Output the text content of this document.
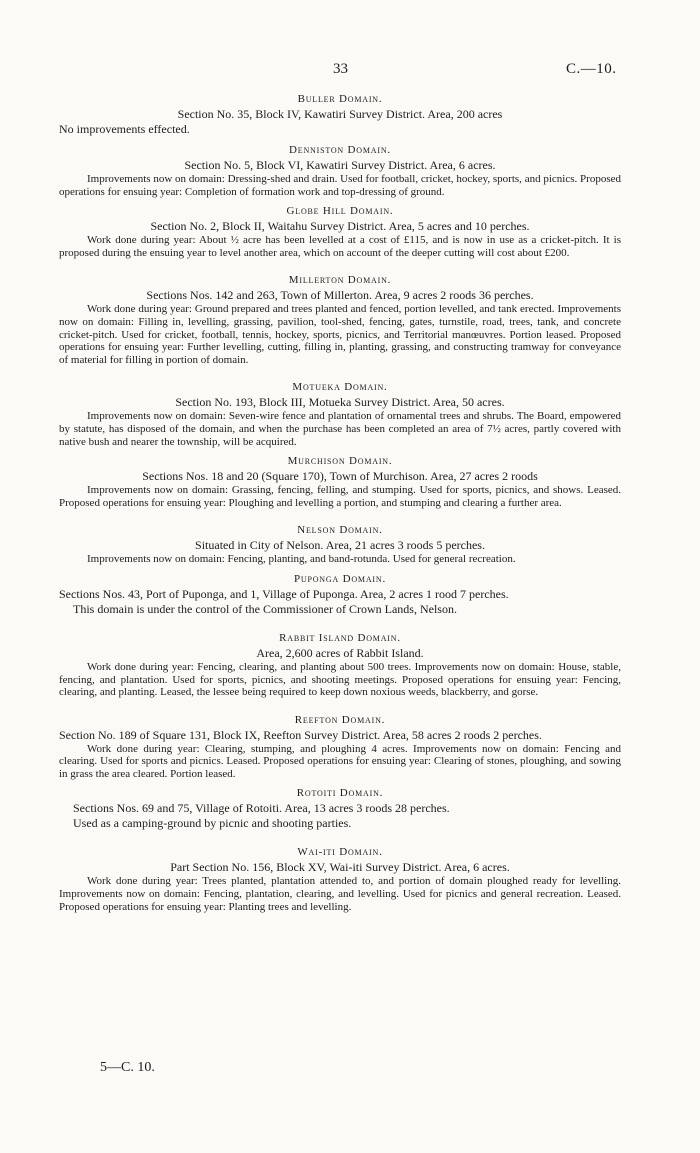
33	C.—10.
Buller Domain.
Section No. 35, Block IV, Kawatiri Survey District. Area, 200 acres
No improvements effected.
Denniston Domain.
Section No. 5, Block VI, Kawatiri Survey District. Area, 6 acres.

Improvements now on domain: Dressing-shed and drain. Used for football, cricket, hockey, sports, and picnics. Proposed operations for ensuing year: Completion of formation work and top-dressing of ground.

Globe Hill Domain.
Section No. 2, Block II, Waitahu Survey District. Area, 5 acres and 10 perches.

Work done during year: About ½ acre has been levelled at a cost of £115, and is now in use as a cricket-pitch. It is proposed during the ensuing year to level another area, which on account of the deeper cutting will cost about £200.

Millerton Domain.
Sections Nos. 142 and 263, Town of Millerton. Area, 9 acres 2 roods 36 perches.

Work done during year: Ground prepared and trees planted and fenced, portion levelled, and tank erected. Improvements now on domain: Filling in, levelling, grassing, pavilion, tool-shed, fencing, gates, turnstile, road, trees, tank, and concrete cricket-pitch. Used for cricket, football, tennis, hockey, sports, picnics, and Territorial manœuvres. Portion leased. Proposed operations for ensuing year: Further levelling, cutting, filling in, planting, grassing, and constructing tramway for conveyance of material for filling in portion of domain.

Motueka Domain.
Section No. 193, Block III, Motueka Survey District. Area, 50 acres.

Improvements now on domain: Seven-wire fence and plantation of ornamental trees and shrubs. The Board, empowered by statute, has disposed of the domain, and when the purchase has been completed an area of 7½ acres, partly covered with native bush and nearer the township, will be acquired.

Murchison Domain.
Sections Nos. 18 and 20 (Square 170), Town of Murchison. Area, 27 acres 2 roods

Improvements now on domain: Grassing, fencing, felling, and stumping. Used for sports, picnics, and shows. Leased. Proposed operations for ensuing year: Ploughing and levelling a portion, and stumping and clearing a further area.

Nelson Domain.
Situated in City of Nelson. Area, 21 acres 3 roods 5 perches.

Improvements now on domain: Fencing, planting, and band-rotunda. Used for general recreation.

Puponga Domain.
Sections Nos. 43, Port of Puponga, and 1, Village of Puponga. Area, 2 acres 1 rood 7 perches.
This domain is under the control of the Commissioner of Crown Lands, Nelson.
Rabbit Island Domain.
Area, 2,600 acres of Rabbit Island.

Work done during year: Fencing, clearing, and planting about 500 trees. Improvements now on domain: House, stable, fencing, and plantation. Used for sports, picnics, and shooting meetings. Proposed operations for ensuing year: Fencing, clearing, and planting. Leased, the lessee being required to keep down noxious weeds, blackberry, and gorse.

Reefton Domain.
Section No. 189 of Square 131, Block IX, Reefton Survey District. Area, 58 acres 2 roods 2 perches.

Work done during year: Clearing, stumping, and ploughing 4 acres. Improvements now on domain: Fencing and clearing. Used for sports and picnics. Leased. Proposed operations for ensuing year: Clearing of stones, ploughing, and sowing in grass the area cleared. Portion leased.

Rotoiti Domain.
Sections Nos. 69 and 75, Village of Rotoiti. Area, 13 acres 3 roods 28 perches.
Used as a camping-ground by picnic and shooting parties.
Wai-iti Domain.
Part Section No. 156, Block XV, Wai-iti Survey District. Area, 6 acres.

Work done during year: Trees planted, plantation attended to, and portion of domain ploughed ready for levelling. Improvements now on domain: Fencing, plantation, clearing, and levelling. Used for picnics and general recreation. Leased. Proposed operations for ensuing year: Planting trees and levelling.

5—C. 10.
